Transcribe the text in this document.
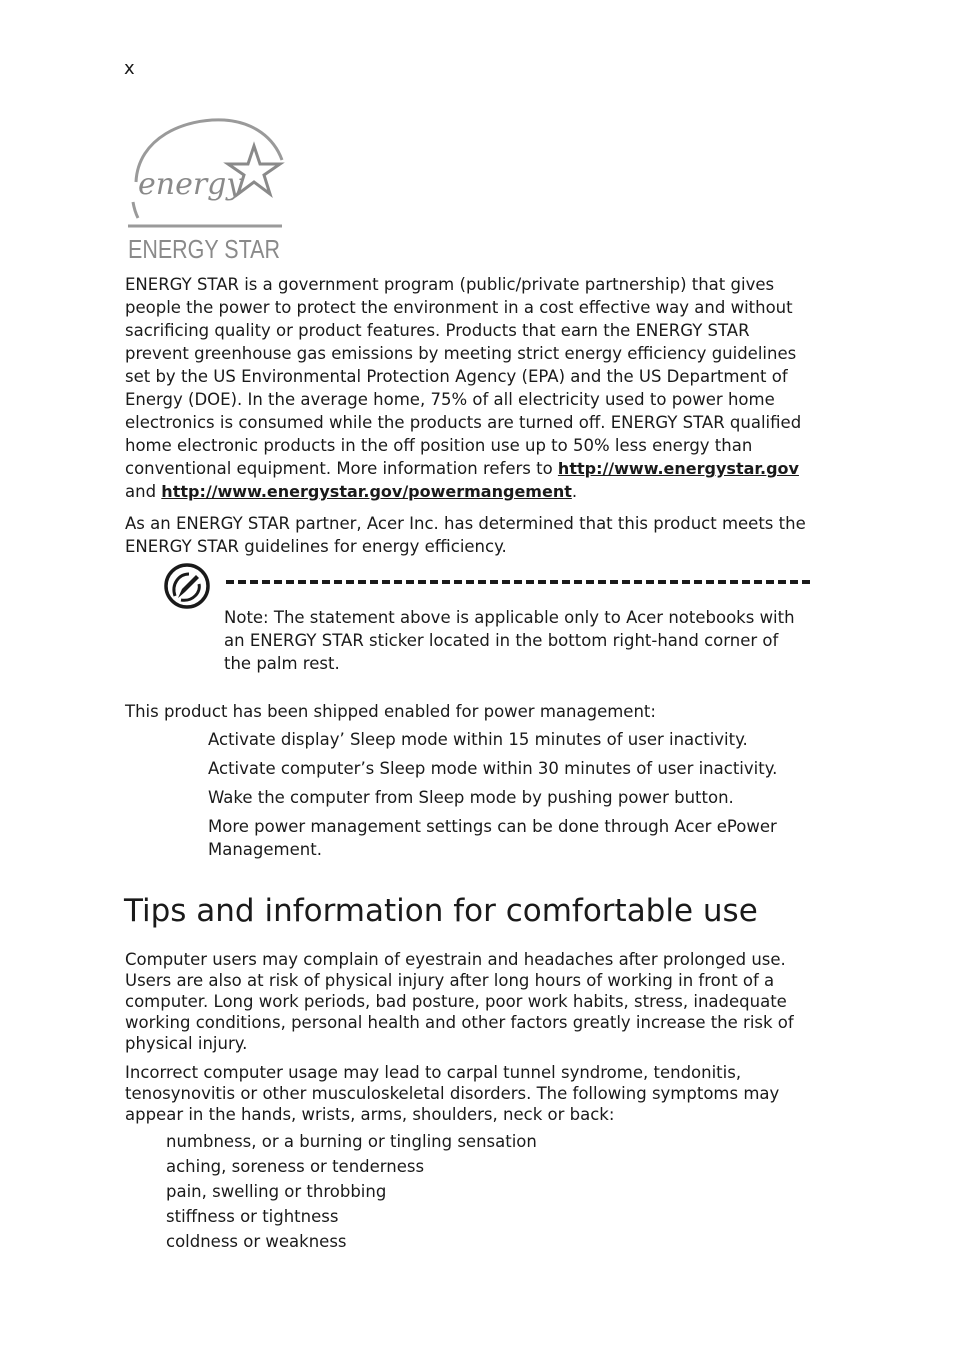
x
energy
ENERGY STAR

ENERGY STAR is a government program (public/private partnership) that gives people the power to protect the environment in a cost effective way and without sacrificing quality or product features. Products that earn the ENERGY STAR prevent greenhouse gas emissions by meeting strict energy efficiency guidelines set by the US Environmental Protection Agency (EPA) and the US Department of Energy (DOE). In the average home, 75% of all electricity used to power home electronics is consumed while the products are turned off. ENERGY STAR qualified home electronic products in the off position use up to 50% less energy than conventional equipment. More information refers to http://www.energystar.gov and http://www.energystar.gov/powermangement.

As an ENERGY STAR partner, Acer Inc. has determined that this product meets the ENERGY STAR guidelines for energy efficiency.

Note: The statement above is applicable only to Acer notebooks with an ENERGY STAR sticker located in the bottom right-hand corner of the palm rest.
This product has been shipped enabled for power management:
Activate display’ Sleep mode within 15 minutes of user inactivity.
Activate computer’s Sleep mode within 30 minutes of user inactivity.
Wake the computer from Sleep mode by pushing power button.
More power management settings can be done through Acer ePower Management.
Tips and information for comfortable use
Computer users may complain of eyestrain and headaches after prolonged use. Users are also at risk of physical injury after long hours of working in front of a computer. Long work periods, bad posture, poor work habits, stress, inadequate working conditions, personal health and other factors greatly increase the risk of physical injury.
Incorrect computer usage may lead to carpal tunnel syndrome, tendonitis, tenosynovitis or other musculoskeletal disorders. The following symptoms may appear in the hands, wrists, arms, shoulders, neck or back:
numbness, or a burning or tingling sensation
aching, soreness or tenderness
pain, swelling or throbbing
stiffness or tightness
coldness or weakness
